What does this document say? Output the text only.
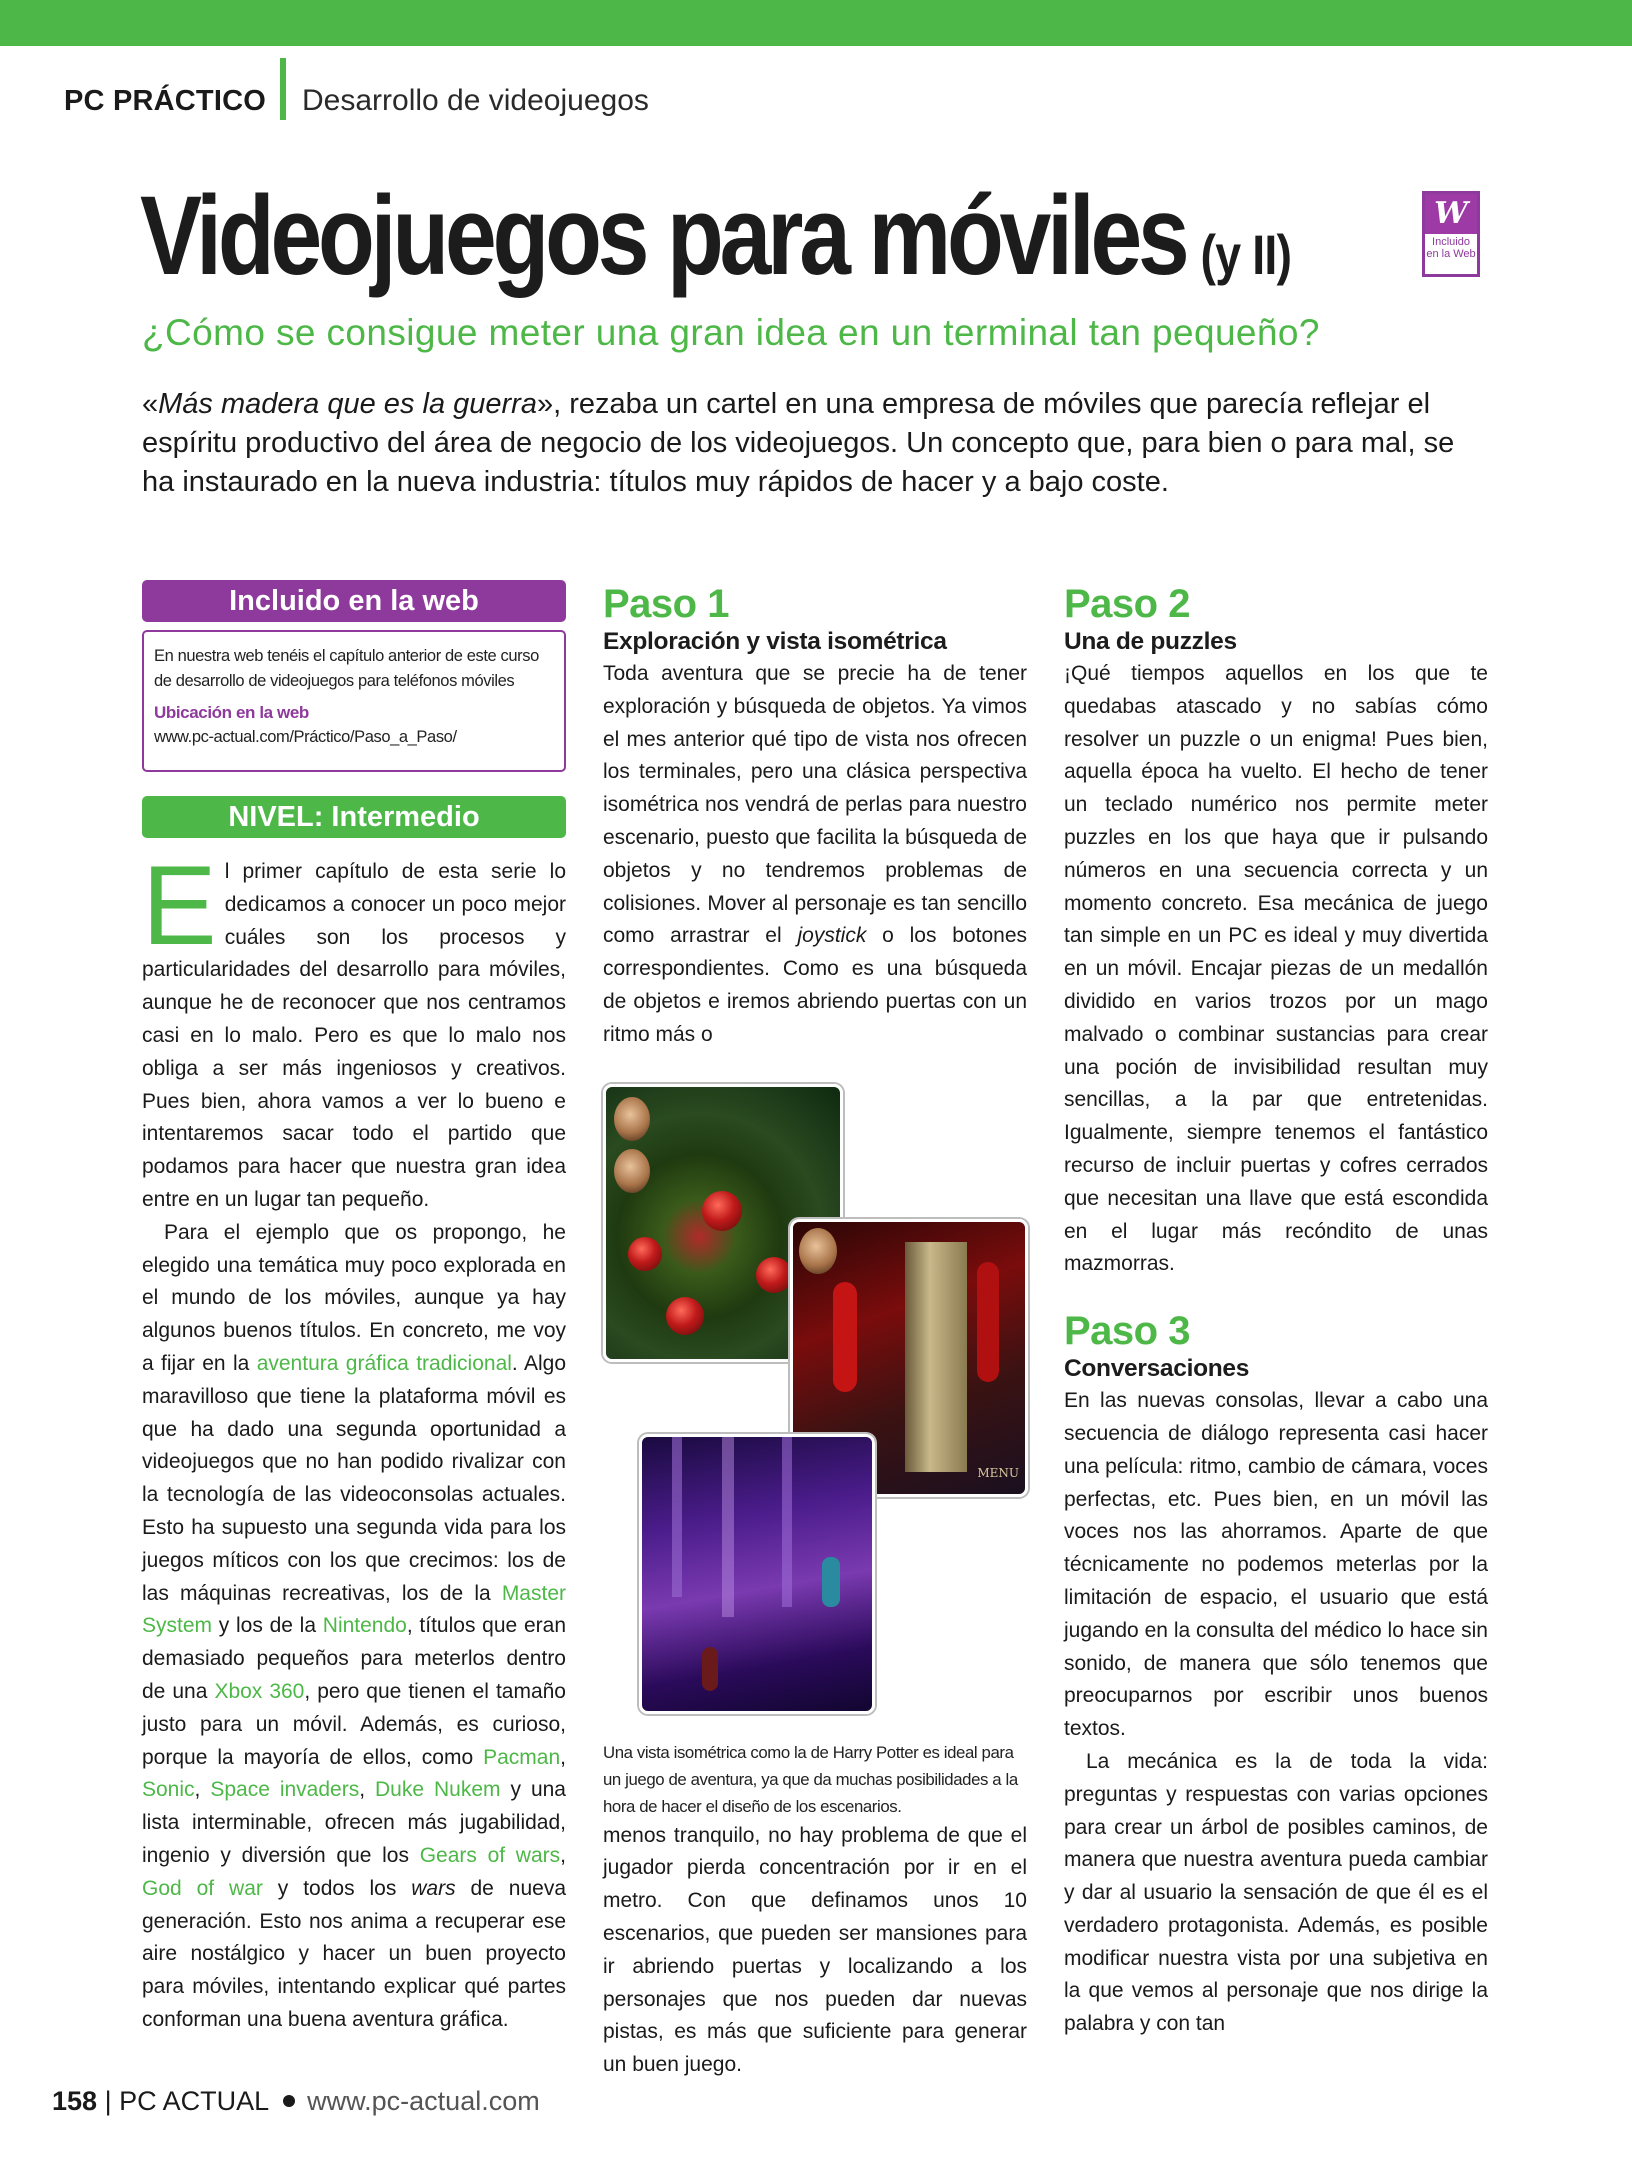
PC PRÁCTICO Desarrollo de videojuegos
Videojuegos para móviles (y II)
W
Incluido en la Web
¿Cómo se consigue meter una gran idea en un terminal tan pequeño?
«Más madera que es la guerra», rezaba un cartel en una empresa de móviles que parecía reflejar el espíritu productivo del área de negocio de los videojuegos. Un concepto que, para bien o para mal, se ha instaurado en la nueva industria: títulos muy rápidos de hacer y a bajo coste.
Incluido en la web
En nuestra web tenéis el capítulo anterior de este curso de desarrollo de videojuegos para teléfonos móviles
Ubicación en la web
www.pc-actual.com/Práctico/Paso_a_Paso/
NIVEL: Intermedio

El primer capítulo de esta serie lo dedicamos a conocer un poco mejor cuáles son los procesos y particularidades del desarrollo para móviles, aunque he de reconocer que nos centramos casi en lo malo. Pero es que lo malo nos obliga a ser más ingeniosos y creativos. Pues bien, ahora vamos a ver lo bueno e intentaremos sacar todo el partido que podamos para hacer que nuestra gran idea entre en un lugar tan pequeño.

Para el ejemplo que os propongo, he elegido una temática muy poco explorada en el mundo de los móviles, aunque ya hay algunos buenos títulos. En concreto, me voy a fijar en la aventura gráfica tradicional. Algo maravilloso que tiene la plataforma móvil es que ha dado una segunda oportunidad a videojuegos que no han podido rivalizar con la tecnología de las videoconsolas actuales. Esto ha supuesto una segunda vida para los juegos míticos con los que crecimos: los de las máquinas recreativas, los de la Master System y los de la Nintendo, títulos que eran demasiado pequeños para meterlos dentro de una Xbox 360, pero que tienen el tamaño justo para un móvil. Además, es curioso, porque la mayoría de ellos, como Pacman, Sonic, Space invaders, Duke Nukem y una lista interminable, ofrecen más jugabilidad, ingenio y diversión que los Gears of wars, God of war y todos los wars de nueva generación. Esto nos anima a recuperar ese aire nostálgico y hacer un buen proyecto para móviles, intentando explicar qué partes conforman una buena aventura gráfica.

Paso 1
Exploración y vista isométrica

Toda aventura que se precie ha de tener exploración y búsqueda de objetos. Ya vimos el mes anterior qué tipo de vista nos ofrecen los terminales, pero una clásica perspectiva isométrica nos vendrá de perlas para nuestro escenario, puesto que facilita la búsqueda de objetos y no tendremos problemas de colisiones. Mover al personaje es tan sencillo como arrastrar el joystick o los botones correspondientes. Como es una búsqueda de objetos e iremos abriendo puertas con un ritmo más o

MENU
Una vista isométrica como la de Harry Potter es ideal para un juego de aventura, ya que da muchas posibilidades a la hora de hacer el diseño de los escenarios.

menos tranquilo, no hay problema de que el jugador pierda concentración por ir en el metro. Con que definamos unos 10 escenarios, que pueden ser mansiones para ir abriendo puertas y localizando a los personajes que nos pueden dar nuevas pistas, es más que suficiente para generar un buen juego.

Paso 2
Una de puzzles

¡Qué tiempos aquellos en los que te quedabas atascado y no sabías cómo resolver un puzzle o un enigma! Pues bien, aquella época ha vuelto. El hecho de tener un teclado numérico nos permite meter puzzles en los que haya que ir pulsando números en una secuencia correcta y un momento concreto. Esa mecánica de juego tan simple en un PC es ideal y muy divertida en un móvil. Encajar piezas de un medallón dividido en varios trozos por un mago malvado o combinar sustancias para crear una poción de invisibilidad resultan muy sencillas, a la par que entretenidas. Igualmente, siempre tenemos el fantástico recurso de incluir puertas y cofres cerrados que necesitan una llave que está escondida en el lugar más recóndito de unas mazmorras.

Paso 3
Conversaciones

En las nuevas consolas, llevar a cabo una secuencia de diálogo representa casi hacer una película: ritmo, cambio de cámara, voces perfectas, etc. Pues bien, en un móvil las voces nos las ahorramos. Aparte de que técnicamente no podemos meterlas por la limitación de espacio, el usuario que está jugando en la consulta del médico lo hace sin sonido, de manera que sólo tenemos que preocuparnos por escribir unos buenos textos.

La mecánica es la de toda la vida: preguntas y respuestas con varias opciones para crear un árbol de posibles caminos, de manera que nuestra aventura pueda cambiar y dar al usuario la sensación de que él es el verdadero protagonista. Además, es posible modificar nuestra vista por una subjetiva en la que vemos al personaje que nos dirige la palabra y con tan

158 | PC ACTUAL www.pc-actual.com
